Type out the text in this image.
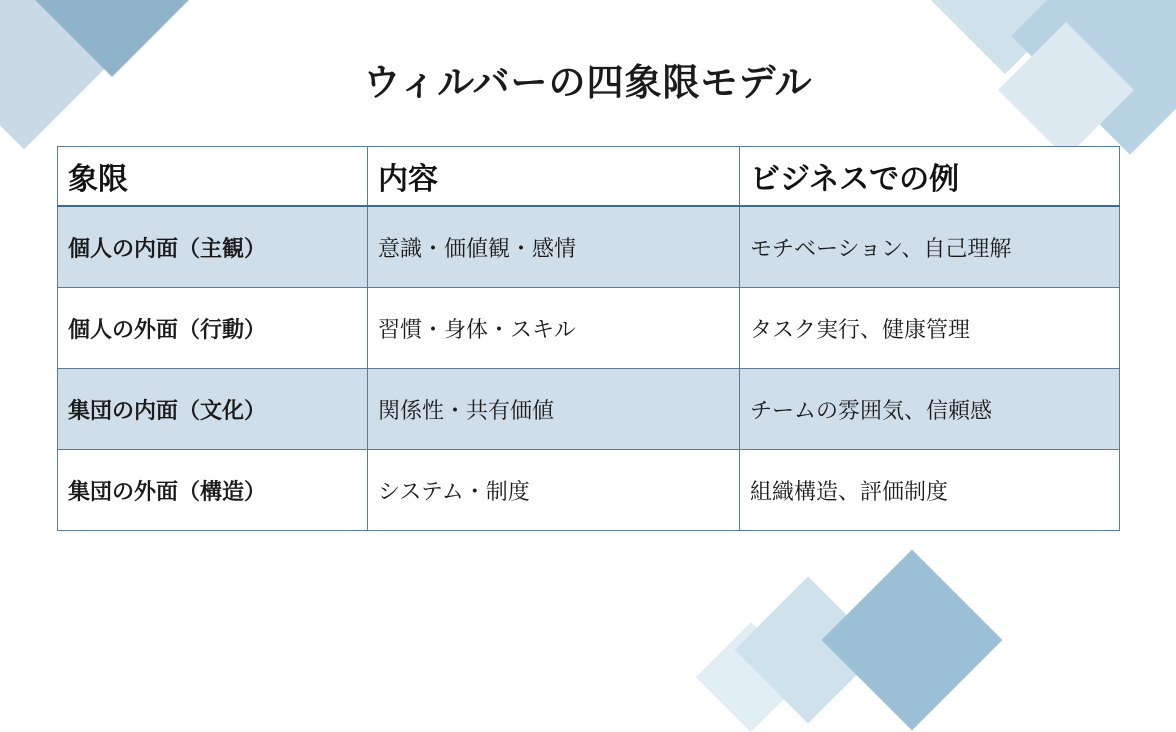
ウィルバーの四象限モデル
象限	内容	ビジネスでの例
個人の内面（主観）	意識・価値観・感情	モチベーション、自己理解
個人の外面（行動）	習慣・身体・スキル	タスク実行、健康管理
集団の内面（文化）	関係性・共有価値	チームの雰囲気、信頼感
集団の外面（構造）	システム・制度	組織構造、評価制度
